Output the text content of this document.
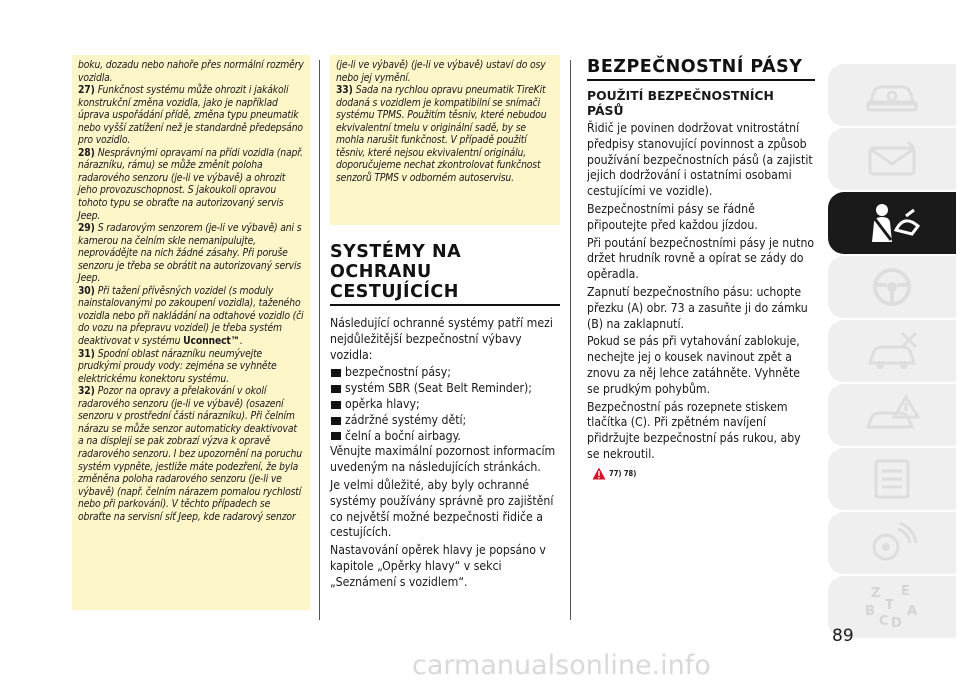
boku, dozadu nebo nahoře přes normální rozměry vozidla.

27) Funkčnost systému může ohrozit i jakákoli konstrukční změna vozidla, jako je například úprava uspořádání přídě, změna typu pneumatik nebo vyšší zatížení než je standardně předepsáno pro vozidlo.

28) Nesprávnými opravami na přídi vozidla (např. nárazníku, rámu) se může změnit poloha radarového senzoru (je-li ve výbavě) a ohrozit jeho provozuschopnost. S jakoukoli opravou tohoto typu se obraťte na autorizovaný servis Jeep.

29) S radarovým senzorem (je-li ve výbavě) ani s kamerou na čelním skle nemanipulujte, neprovádějte na nich žádné zásahy. Při poruše senzoru je třeba se obrátit na autorizovaný servis Jeep.

30) Při tažení přívěsných vozidel (s moduly nainstalovanými po zakoupení vozidla), taženého vozidla nebo při nakládání na odtahové vozidlo (či do vozu na přepravu vozidel) je třeba systém deaktivovat v systému Uconnect™.

31) Spodní oblast nárazníku neumývejte prudkými proudy vody: zejména se vyhněte elektrickému konektoru systému.

32) Pozor na opravy a přelakování v okolí radarového senzoru (je-li ve výbavě) (osazení senzoru v prostřední části nárazníku). Při čelním nárazu se může senzor automaticky deaktivovat a na displeji se pak zobrazí výzva k opravě radarového senzoru. I bez upozornění na poruchu systém vypněte, jestliže máte podezření, že byla změněna poloha radarového senzoru (je-li ve výbavě) (např. čelním nárazem pomalou rychlostí nebo při parkování). V těchto případech se obraťte na servisní síť Jeep, kde radarový senzor

(je-li ve výbavě) (je-li ve výbavě) ustaví do osy nebo jej vymění.

33) Sada na rychlou opravu pneumatik TireKit dodaná s vozidlem je kompatibilní se snímači systému TPMS. Použitím těsniv, které nebudou ekvivalentní tmelu v originální sadě, by se mohla narušit funkčnost. V případě použití těsniv, které nejsou ekvivalentní originálu, doporučujeme nechat zkontrolovat funkčnost senzorů TPMS v odborném autoservisu.

SYSTÉMY NA OCHRANU
CESTUJÍCÍCH

Následující ochranné systémy patří mezi nejdůležitější bezpečnostní výbavy vozidla:

bezpečnostní pásy;
systém SBR (Seat Belt Reminder);
opěrka hlavy;
zádržné systémy dětí;
čelní a boční airbagy.

Věnujte maximální pozornost informacím uvedeným na následujících stránkách.

Je velmi důležité, aby byly ochranné systémy používány správně pro zajištění co největší možné bezpečnosti řidiče a cestujících.

Nastavování opěrek hlavy je popsáno v kapitole „Opěrky hlavy“ v sekci „Seznámení s vozidlem“.

BEZPEČNOSTNÍ PÁSY
POUŽITÍ BEZPEČNOSTNÍCH
PÁSŮ

Řidič je povinen dodržovat vnitrostátní předpisy stanovující povinnost a způsob používání bezpečnostních pásů (a zajistit jejich dodržování i ostatními osobami cestujícími ve vozidle).

Bezpečnostními pásy se řádně připoutejte před každou jízdou.

Při poutání bezpečnostními pásy je nutno držet hrudník rovně a opírat se zády do opěradla.

Zapnutí bezpečnostního pásu: uchopte přezku (A) obr. 73 a zasuňte ji do zámku (B) na zaklapnutí.

Pokud se pás při vytahování zablokuje, nechejte jej o kousek navinout zpět a znovu za něj lehce zatáhněte. Vyhněte se prudkým pohybům.

Bezpečnostní pás rozepnete stiskem tlačítka (C). Při zpětném navíjení přidržujte bezpečnostní pás rukou, aby se nekroutil.

77) 78)
Z E
B
C D
A
T
89
carmanualsonline.info
